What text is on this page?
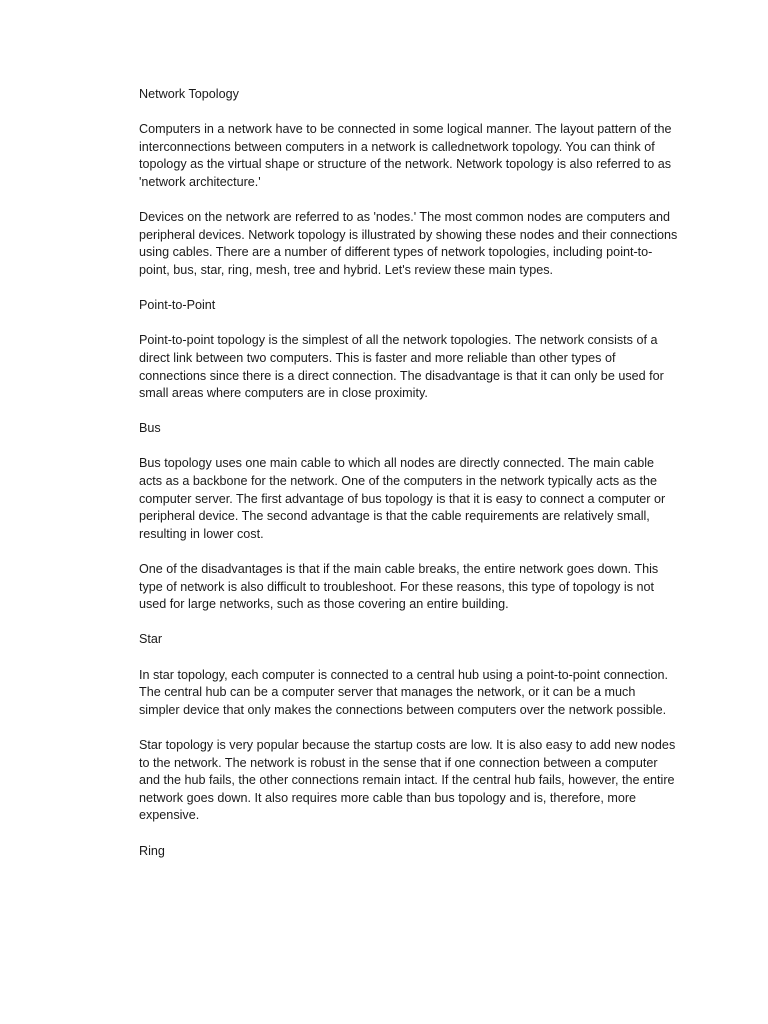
Network Topology

Computers in a network have to be connected in some logical manner. The layout pattern of the interconnections between computers in a network is callednetwork topology. You can think of topology as the virtual shape or structure of the network. Network topology is also referred to as 'network architecture.'

Devices on the network are referred to as 'nodes.' The most common nodes are computers and peripheral devices. Network topology is illustrated by showing these nodes and their connections using cables. There are a number of different types of network topologies, including point-to-point, bus, star, ring, mesh, tree and hybrid. Let's review these main types.

Point-to-Point

Point-to-point topology is the simplest of all the network topologies. The network consists of a direct link between two computers. This is faster and more reliable than other types of connections since there is a direct connection. The disadvantage is that it can only be used for small areas where computers are in close proximity.

Bus

Bus topology uses one main cable to which all nodes are directly connected. The main cable acts as a backbone for the network. One of the computers in the network typically acts as the computer server. The first advantage of bus topology is that it is easy to connect a computer or peripheral device. The second advantage is that the cable requirements are relatively small, resulting in lower cost.

One of the disadvantages is that if the main cable breaks, the entire network goes down. This type of network is also difficult to troubleshoot. For these reasons, this type of topology is not used for large networks, such as those covering an entire building.

Star

In star topology, each computer is connected to a central hub using a point-to-point connection. The central hub can be a computer server that manages the network, or it can be a much simpler device that only makes the connections between computers over the network possible.

Star topology is very popular because the startup costs are low. It is also easy to add new nodes to the network. The network is robust in the sense that if one connection between a computer and the hub fails, the other connections remain intact. If the central hub fails, however, the entire network goes down. It also requires more cable than bus topology and is, therefore, more expensive.

Ring
